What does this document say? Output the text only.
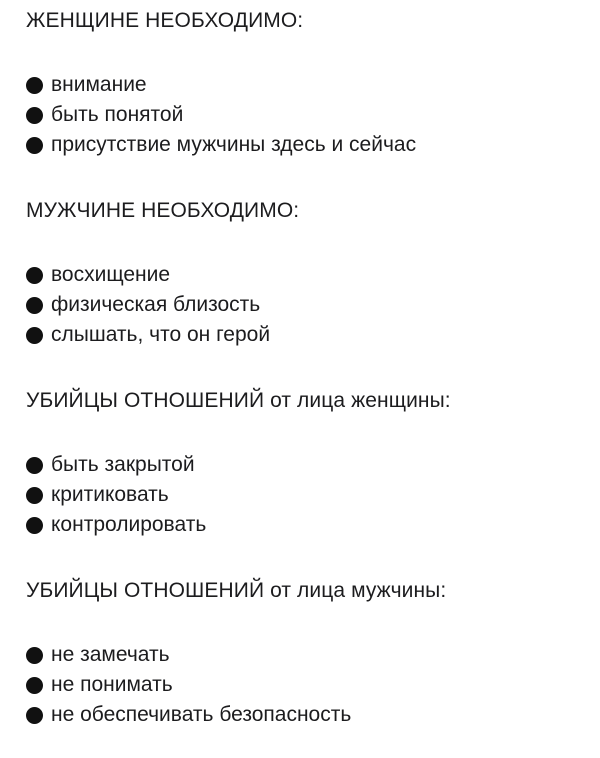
ЖЕНЩИНЕ НЕОБХОДИМО:
внимание
быть понятой
присутствие мужчины здесь и сейчас
МУЖЧИНЕ НЕОБХОДИМО:
восхищение
физическая близость
слышать, что он герой
УБИЙЦЫ ОТНОШЕНИЙ от лица женщины:
быть закрытой
критиковать
контролировать
УБИЙЦЫ ОТНОШЕНИЙ от лица мужчины:
не замечать
не понимать
не обеспечивать безопасность
